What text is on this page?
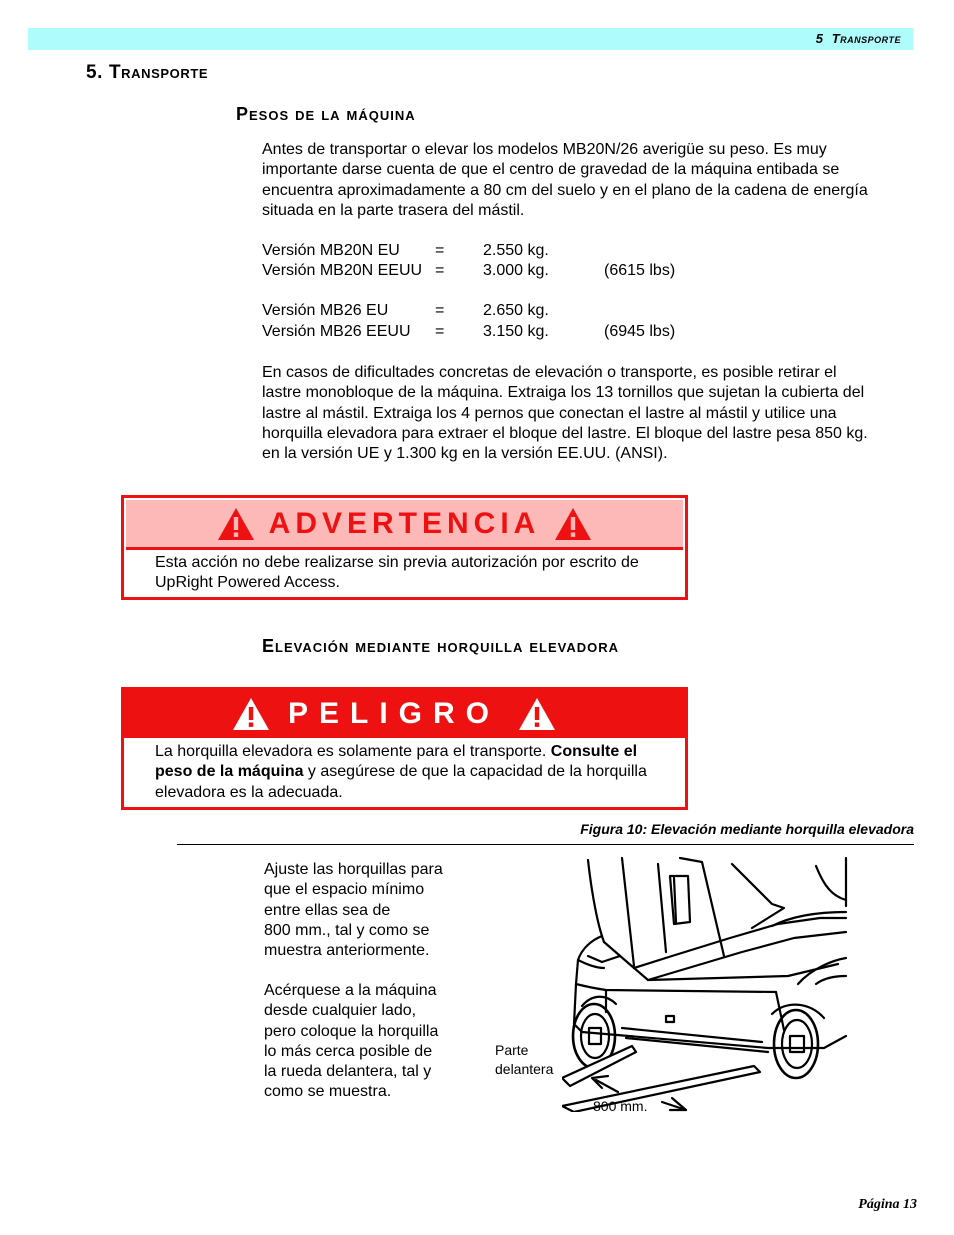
5 Transporte
5. Transporte
Pesos de la máquina
Antes de transportar o elevar los modelos MB20N/26 averigüe su peso. Es muy
importante darse cuenta de que el centro de gravedad de la máquina entibada se
encuentra aproximadamente a 80 cm del suelo y en el plano de la cadena de energía
situada en la parte trasera del mástil.
Versión MB20N EU = 2.550 kg.
Versión MB20N EEUU = 3.000 kg.	(6615 lbs)
Versión MB26 EU	= 2.650 kg.
Versión MB26 EEUU = 3.150 kg.	(6945 lbs)
En casos de dificultades concretas de elevación o transporte, es posible retirar el
lastre monobloque de la máquina. Extraiga los 13 tornillos que sujetan la cubierta del
lastre al mástil. Extraiga los 4 pernos que conectan el lastre al mástil y utilice una
horquilla elevadora para extraer el bloque del lastre. El bloque del lastre pesa 850 kg.
en la versión UE y 1.300 kg en la versión EE.UU. (ANSI).
ADVERTENCIA
Esta acción no debe realizarse sin previa autorización por escrito de
UpRight Powered Access.
Elevación mediante horquilla elevadora
PELIGRO
La horquilla elevadora es solamente para el transporte. Consulte el
peso de la máquina y asegúrese de que la capacidad de la horquilla
elevadora es la adecuada.
Figura 10: Elevación mediante horquilla elevadora
Ajuste las horquillas para
que el espacio mínimo
entre ellas sea de
800 mm., tal y como se
muestra anteriormente.
Acérquese a la máquina
desde cualquier lado,
pero coloque la horquilla
lo más cerca posible de
la rueda delantera, tal y
como se muestra.
Parte
delantera
800 mm.
Página 13
